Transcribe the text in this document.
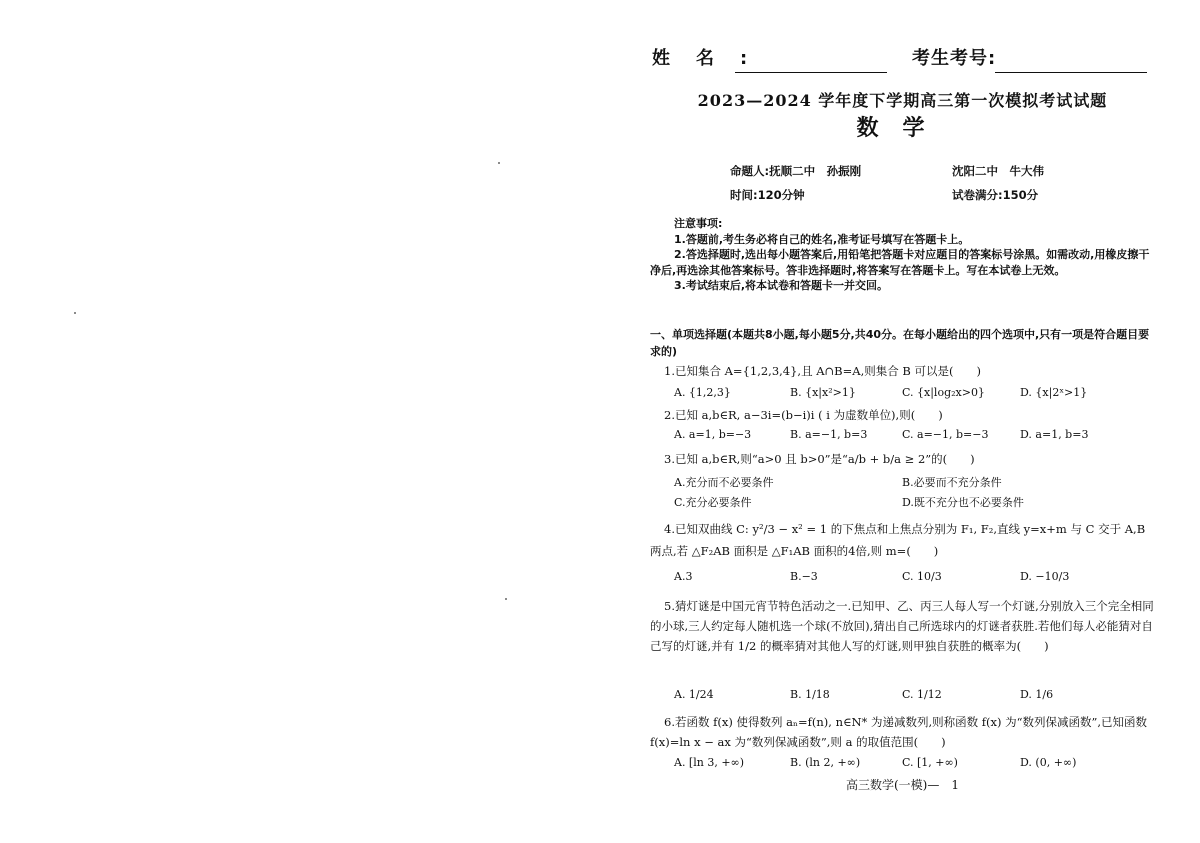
姓名:	考生考号:
2023—2024 学年度下学期高三第一次模拟考试试题
数学
命题人:抚顺二中　孙振刚	沈阳二中　牛大伟
时间:120分钟	试卷满分:150分

注意事项:

1.答题前,考生务必将自己的姓名,准考证号填写在答题卡上。

2.答选择题时,选出每小题答案后,用铅笔把答题卡对应题目的答案标号涂黑。如需改动,用橡皮擦干净后,再选涂其他答案标号。答非选择题时,将答案写在答题卡上。写在本试卷上无效。

3.考试结束后,将本试卷和答题卡一并交回。

一、单项选择题(本题共8小题,每小题5分,共40分。在每小题给出的四个选项中,只有一项是符合题目要求的)
1.已知集合 A={1,2,3,4},且 A∩B=A,则集合 B 可以是(　　)
A. {1,2,3}	B. {x|x²>1}	C. {x|log₂x>0}	D. {x|2ˣ>1}
2.已知 a,b∈R, a−3i=(b−i)i ( i 为虚数单位),则(　　)
A. a=1, b=−3	B. a=−1, b=3	C. a=−1, b=−3	D. a=1, b=3
3.已知 a,b∈R,则“a>0 且 b>0”是“a/b + b/a ≥ 2”的(　　)
A.充分而不必要条件	B.必要而不充分条件
C.充分必要条件	D.既不充分也不必要条件
4.已知双曲线 C: y²/3 − x² = 1 的下焦点和上焦点分别为 F₁, F₂,直线 y=x+m 与 C 交于 A,B 两点,若 △F₂AB 面积是 △F₁AB 面积的4倍,则 m=(　　)
A.3	B.−3	C. 10/3	D. −10/3
5.猜灯谜是中国元宵节特色活动之一.已知甲、乙、丙三人每人写一个灯谜,分别放入三个完全相同的小球,三人约定每人随机选一个球(不放回),猜出自己所选球内的灯谜者获胜.若他们每人必能猜对自己写的灯谜,并有 1/2 的概率猜对其他人写的灯谜,则甲独自获胜的概率为(　　)
A. 1/24	B. 1/18	C. 1/12	D. 1/6
6.若函数 f(x) 使得数列 aₙ=f(n), n∈N* 为递减数列,则称函数 f(x) 为“数列保减函数”,已知函数 f(x)=ln x − ax 为“数列保减函数”,则 a 的取值范围(　　)
A. [ln 3, +∞)	B. (ln 2, +∞)	C. [1, +∞)	D. (0, +∞)
高三数学(一模)—　1
